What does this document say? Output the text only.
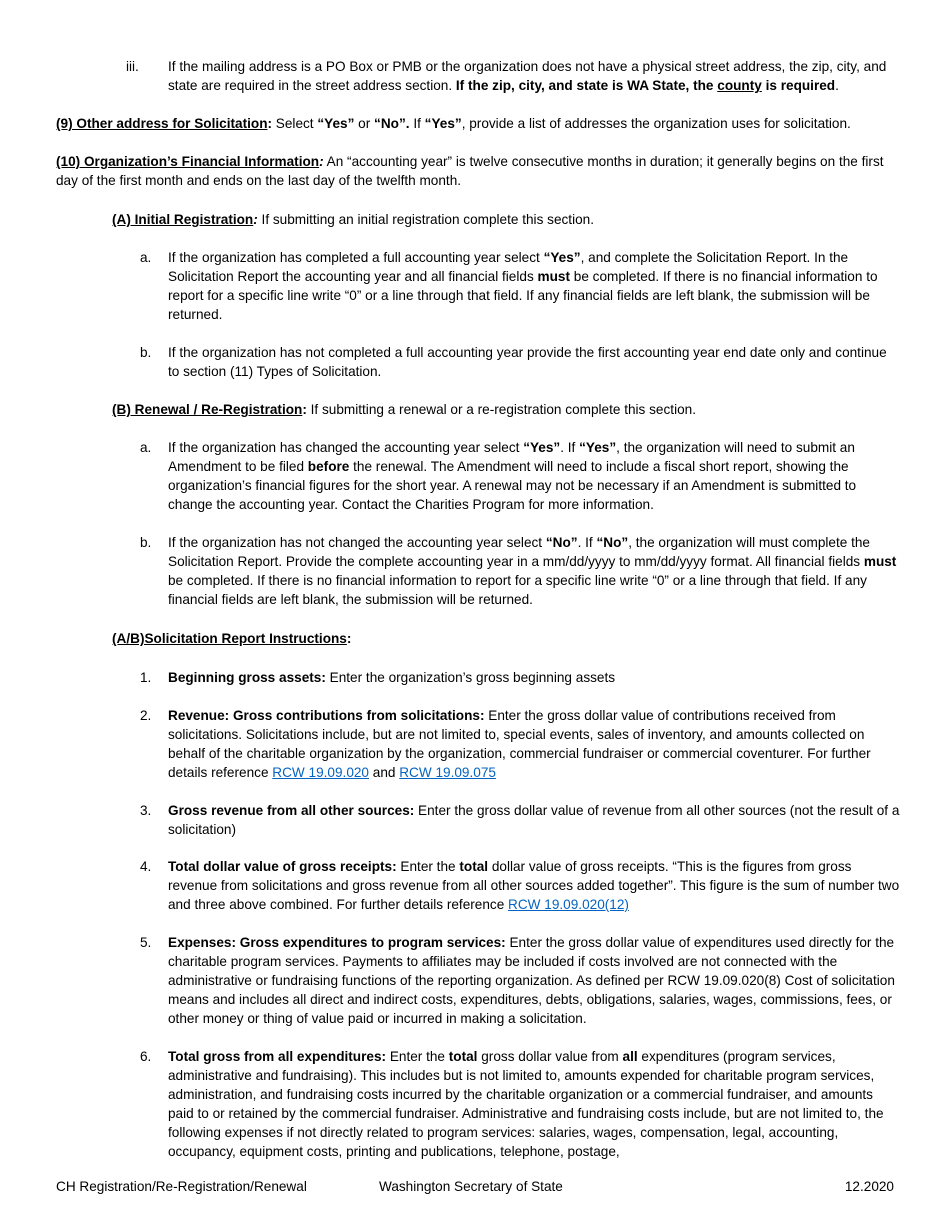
iii.	If the mailing address is a PO Box or PMB or the organization does not have a physical street address, the zip, city, and state are required in the street address section. If the zip, city, and state is WA State, the county is required.

(9) Other address for Solicitation: Select “Yes” or “No”. If “Yes”, provide a list of addresses the organization uses for solicitation.

(10) Organization’s Financial Information: An “accounting year” is twelve consecutive months in duration; it generally begins on the first day of the first month and ends on the last day of the twelfth month.

(A) Initial Registration: If submitting an initial registration complete this section.

a.	If the organization has completed a full accounting year select “Yes”, and complete the Solicitation Report. In the Solicitation Report the accounting year and all financial fields must be completed. If there is no financial information to report for a specific line write “0” or a line through that field. If any financial fields are left blank, the submission will be returned.
b.	If the organization has not completed a full accounting year provide the first accounting year end date only and continue to section (11) Types of Solicitation.

(B) Renewal / Re-Registration: If submitting a renewal or a re-registration complete this section.

a.	If the organization has changed the accounting year select “Yes”. If “Yes”, the organization will need to submit an Amendment to be filed before the renewal. The Amendment will need to include a fiscal short report, showing the organization’s financial figures for the short year. A renewal may not be necessary if an Amendment is submitted to change the accounting year. Contact the Charities Program for more information.
b.	If the organization has not changed the accounting year select “No”. If “No”, the organization will must complete the Solicitation Report. Provide the complete accounting year in a mm/dd/yyyy to mm/dd/yyyy format. All financial fields must be completed. If there is no financial information to report for a specific line write “0” or a line through that field. If any financial fields are left blank, the submission will be returned.

(A/B)Solicitation Report Instructions:

1.	Beginning gross assets: Enter the organization’s gross beginning assets
2.	Revenue: Gross contributions from solicitations: Enter the gross dollar value of contributions received from solicitations. Solicitations include, but are not limited to, special events, sales of inventory, and amounts collected on behalf of the charitable organization by the organization, commercial fundraiser or commercial coventurer. For further details reference RCW 19.09.020 and RCW 19.09.075
3.	Gross revenue from all other sources: Enter the gross dollar value of revenue from all other sources (not the result of a solicitation)
4.	Total dollar value of gross receipts: Enter the total dollar value of gross receipts. “This is the figures from gross revenue from solicitations and gross revenue from all other sources added together”. This figure is the sum of number two and three above combined. For further details reference RCW 19.09.020(12)
5.	Expenses: Gross expenditures to program services: Enter the gross dollar value of expenditures used directly for the charitable program services. Payments to affiliates may be included if costs involved are not connected with the administrative or fundraising functions of the reporting organization. As defined per RCW 19.09.020(8) Cost of solicitation means and includes all direct and indirect costs, expenditures, debts, obligations, salaries, wages, commissions, fees, or other money or thing of value paid or incurred in making a solicitation.
6.	Total gross from all expenditures: Enter the total gross dollar value from all expenditures (program services, administrative and fundraising). This includes but is not limited to, amounts expended for charitable program services, administration, and fundraising costs incurred by the charitable organization or a commercial fundraiser, and amounts paid to or retained by the commercial fundraiser. Administrative and fundraising costs include, but are not limited to, the following expenses if not directly related to program services: salaries, wages, compensation, legal, accounting, occupancy, equipment costs, printing and publications, telephone, postage,
CH Registration/Re-Registration/Renewal	Washington Secretary of State	12.2020
